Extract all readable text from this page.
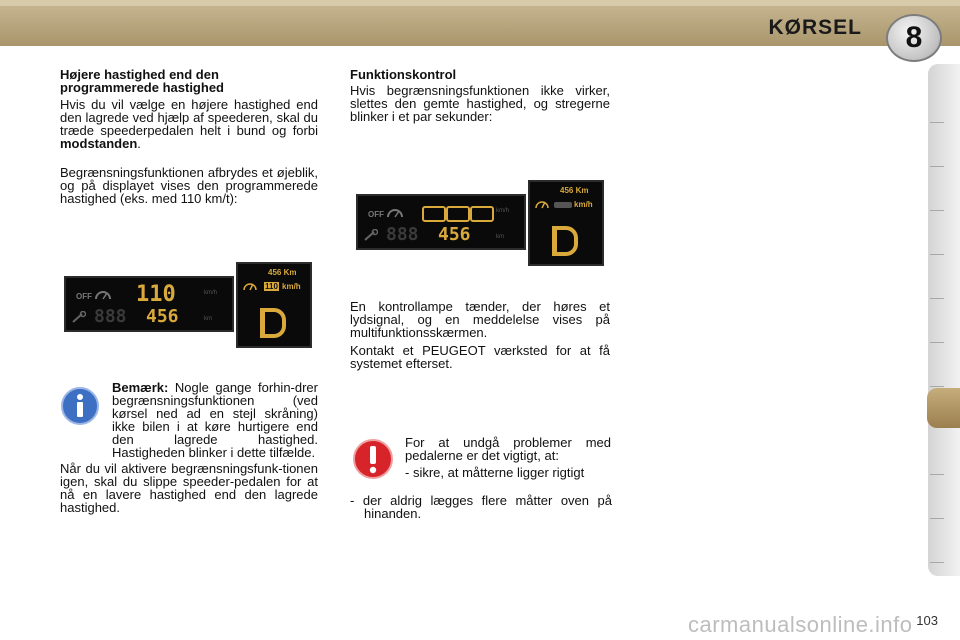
KØRSEL	8
Højere hastighed end den programmerede hastighed
Hvis du vil vælge en højere hastighed end den lagrede ved hjælp af speederen, skal du træde speederpedalen helt i bund og forbi modstanden.
Begrænsningsfunktionen afbrydes et øjeblik, og på displayet vises den programmerede hastighed (eks. med 110 km/t):
OFF 110	km/h
888 456	km
456 Km
110 km/h
Bemærk: Nogle gange forhin-drer begrænsningsfunktionen (ved kørsel ned ad en stejl skråning) ikke bilen i at køre hurtigere end den lagrede hastighed. Hastigheden blinker i dette tilfælde.
Når du vil aktivere begrænsningsfunk-tionen igen, skal du slippe speeder-pedalen for at nå en lavere hastighed end den lagrede hastighed.
Funktionskontrol
Hvis begrænsningsfunktionen ikke virker, slettes den gemte hastighed, og stregerne blinker i et par sekunder:
OFF	km/h
888 456	km
456 Km
km/h
En kontrollampe tænder, der høres et lydsignal, og en meddelelse vises på multifunktionsskærmen.
Kontakt et PEUGEOT værksted for at få systemet efterset.
For at undgå problemer med pedalerne er det vigtigt, at:
- sikre, at måtterne ligger rigtigt
- der aldrig lægges flere måtter oven på hinanden.
103
carmanualsonline.info
